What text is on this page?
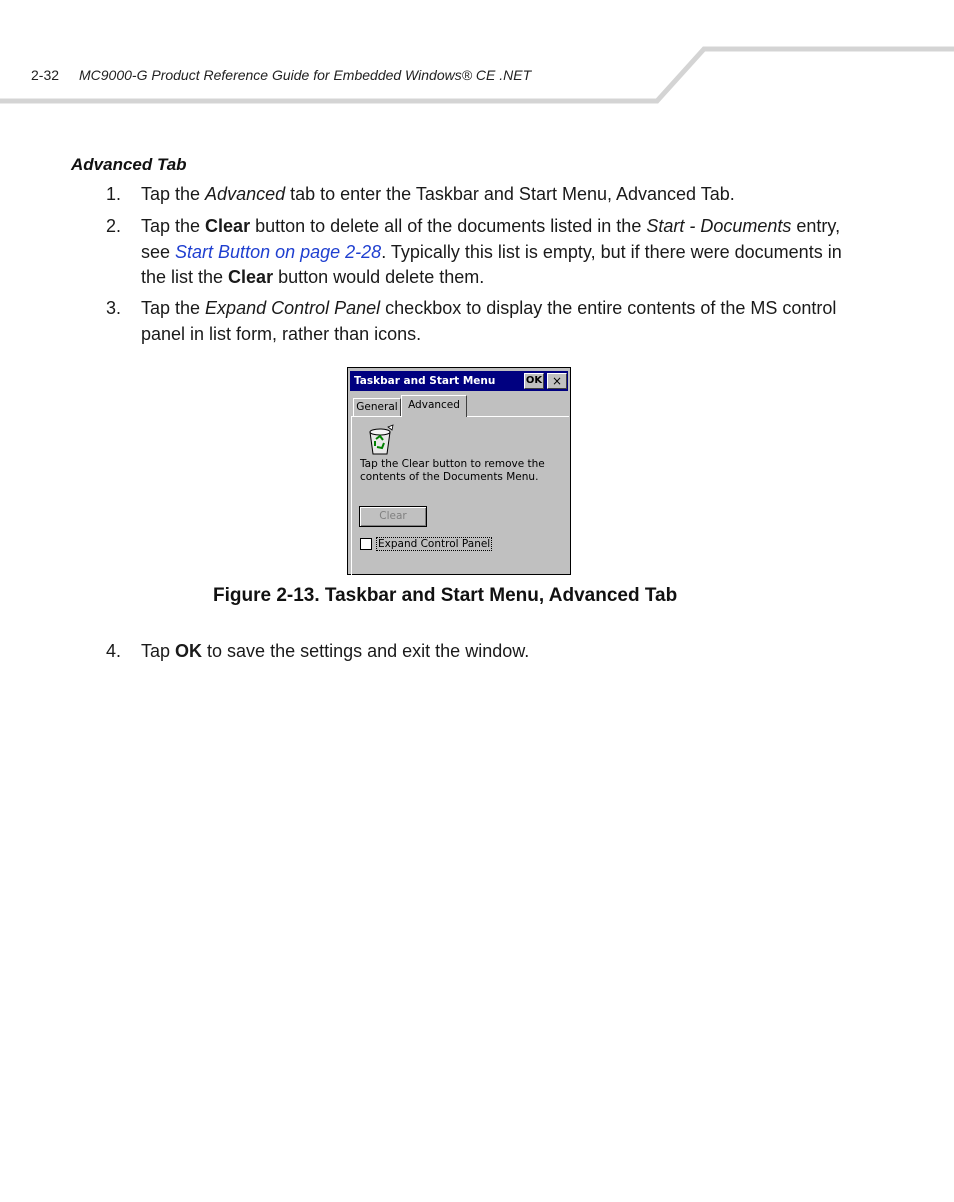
2-32 MC9000-G Product Reference Guide for Embedded Windows® CE .NET
Advanced Tab
1. Tap the Advanced tab to enter the Taskbar and Start Menu, Advanced Tab.
2. Tap the Clear button to delete all of the documents listed in the Start - Documents entry, see Start Button on page 2-28. Typically this list is empty, but if there were documents in the list the Clear button would delete them.
3. Tap the Expand Control Panel checkbox to display the entire contents of the MS control panel in list form, rather than icons.
Taskbar and Start Menu	OK ×
General Advanced
Tap the Clear button to remove the contents of the Documents Menu.
Clear
Expand Control Panel
Figure 2-13. Taskbar and Start Menu, Advanced Tab
4. Tap OK to save the settings and exit the window.
